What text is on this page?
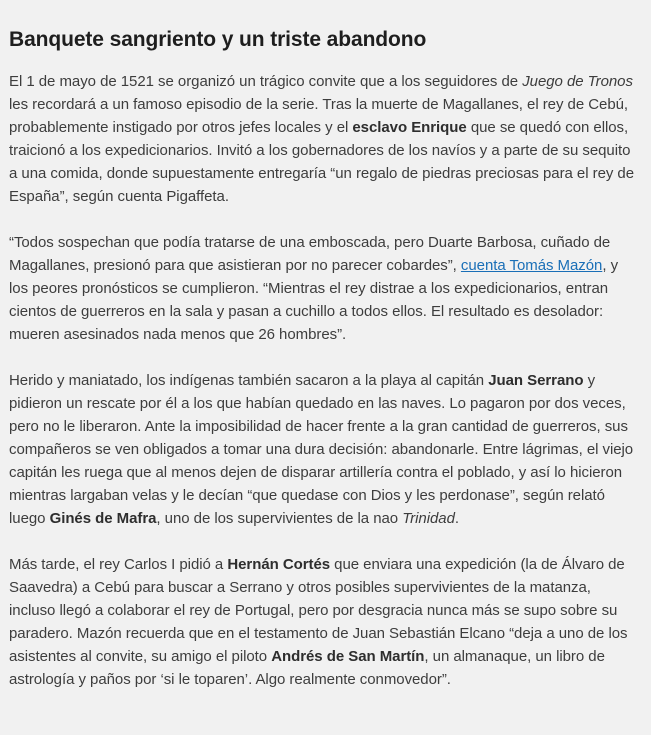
Banquete sangriento y un triste abandono

El 1 de mayo de 1521 se organizó un trágico convite que a los seguidores de Juego de Tronos les recordará a un famoso episodio de la serie. Tras la muerte de Magallanes, el rey de Cebú, probablemente instigado por otros jefes locales y el esclavo Enrique que se quedó con ellos, traicionó a los expedicionarios. Invitó a los gobernadores de los navíos y a parte de su sequito a una comida, donde supuestamente entregaría “un regalo de piedras preciosas para el rey de España”, según cuenta Pigaffeta.

“Todos sospechan que podía tratarse de una emboscada, pero Duarte Barbosa, cuñado de Magallanes, presionó para que asistieran por no parecer cobardes”, cuenta Tomás Mazón, y los peores pronósticos se cumplieron. “Mientras el rey distrae a los expedicionarios, entran cientos de guerreros en la sala y pasan a cuchillo a todos ellos. El resultado es desolador: mueren asesinados nada menos que 26 hombres”.

Herido y maniatado, los indígenas también sacaron a la playa al capitán Juan Serrano y pidieron un rescate por él a los que habían quedado en las naves. Lo pagaron por dos veces, pero no le liberaron. Ante la imposibilidad de hacer frente a la gran cantidad de guerreros, sus compañeros se ven obligados a tomar una dura decisión: abandonarle. Entre lágrimas, el viejo capitán les ruega que al menos dejen de disparar artillería contra el poblado, y así lo hicieron mientras largaban velas y le decían “que quedase con Dios y les perdonase”, según relató luego Ginés de Mafra, uno de los supervivientes de la nao Trinidad.

Más tarde, el rey Carlos I pidió a Hernán Cortés que enviara una expedición (la de Álvaro de Saavedra) a Cebú para buscar a Serrano y otros posibles supervivientes de la matanza, incluso llegó a colaborar el rey de Portugal, pero por desgracia nunca más se supo sobre su paradero. Mazón recuerda que en el testamento de Juan Sebastián Elcano “deja a uno de los asistentes al convite, su amigo el piloto Andrés de San Martín, un almanaque, un libro de astrología y paños por ‘si le toparen’. Algo realmente conmovedor”.
